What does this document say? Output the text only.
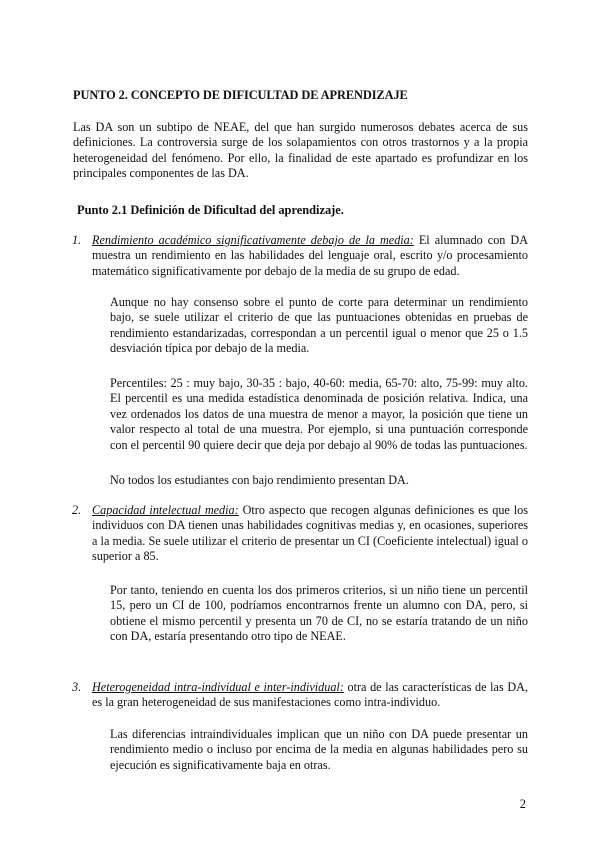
PUNTO 2. CONCEPTO DE DIFICULTAD DE APRENDIZAJE
Las DA son un subtipo de NEAE, del que han surgido numerosos debates acerca de sus definiciones. La controversia surge de los solapamientos con otros trastornos y a la propia heterogeneidad del fenómeno. Por ello, la finalidad de este apartado es profundizar en los principales componentes de las DA.
Punto 2.1 Definición de Dificultad del aprendizaje.
1. Rendimiento académico significativamente debajo de la media: El alumnado con DA muestra un rendimiento en las habilidades del lenguaje oral, escrito y/o procesamiento matemático significativamente por debajo de la media de su grupo de edad.
Aunque no hay consenso sobre el punto de corte para determinar un rendimiento bajo, se suele utilizar el criterio de que las puntuaciones obtenidas en pruebas de rendimiento estandarizadas, correspondan a un percentil igual o menor que 25 o 1.5 desviación típica por debajo de la media.
Percentiles: 25 : muy bajo, 30-35 : bajo, 40-60: media, 65-70: alto, 75-99: muy alto. El percentil es una medida estadística denominada de posición relativa. Indica, una vez ordenados los datos de una muestra de menor a mayor, la posición que tiene un valor respecto al total de una muestra. Por ejemplo, si una puntuación corresponde con el percentil 90 quiere decir que deja por debajo al 90% de todas las puntuaciones.
No todos los estudiantes con bajo rendimiento presentan DA.
2. Capacidad intelectual media: Otro aspecto que recogen algunas definiciones es que los individuos con DA tienen unas habilidades cognitivas medias y, en ocasiones, superiores a la media. Se suele utilizar el criterio de presentar un CI (Coeficiente intelectual) igual o superior a 85.
Por tanto, teniendo en cuenta los dos primeros criterios, si un niño tiene un percentil 15, pero un CI de 100, podríamos encontrarnos frente un alumno con DA, pero, si obtiene el mismo percentil y presenta un 70 de CI, no se estaría tratando de un niño con DA, estaría presentando otro tipo de NEAE.
3. Heterogeneidad intra-individual e inter-individual: otra de las características de las DA, es la gran heterogeneidad de sus manifestaciones como intra-individuo.
Las diferencias intraindividuales implican que un niño con DA puede presentar un rendimiento medio o incluso por encima de la media en algunas habilidades pero su ejecución es significativamente baja en otras.
2
